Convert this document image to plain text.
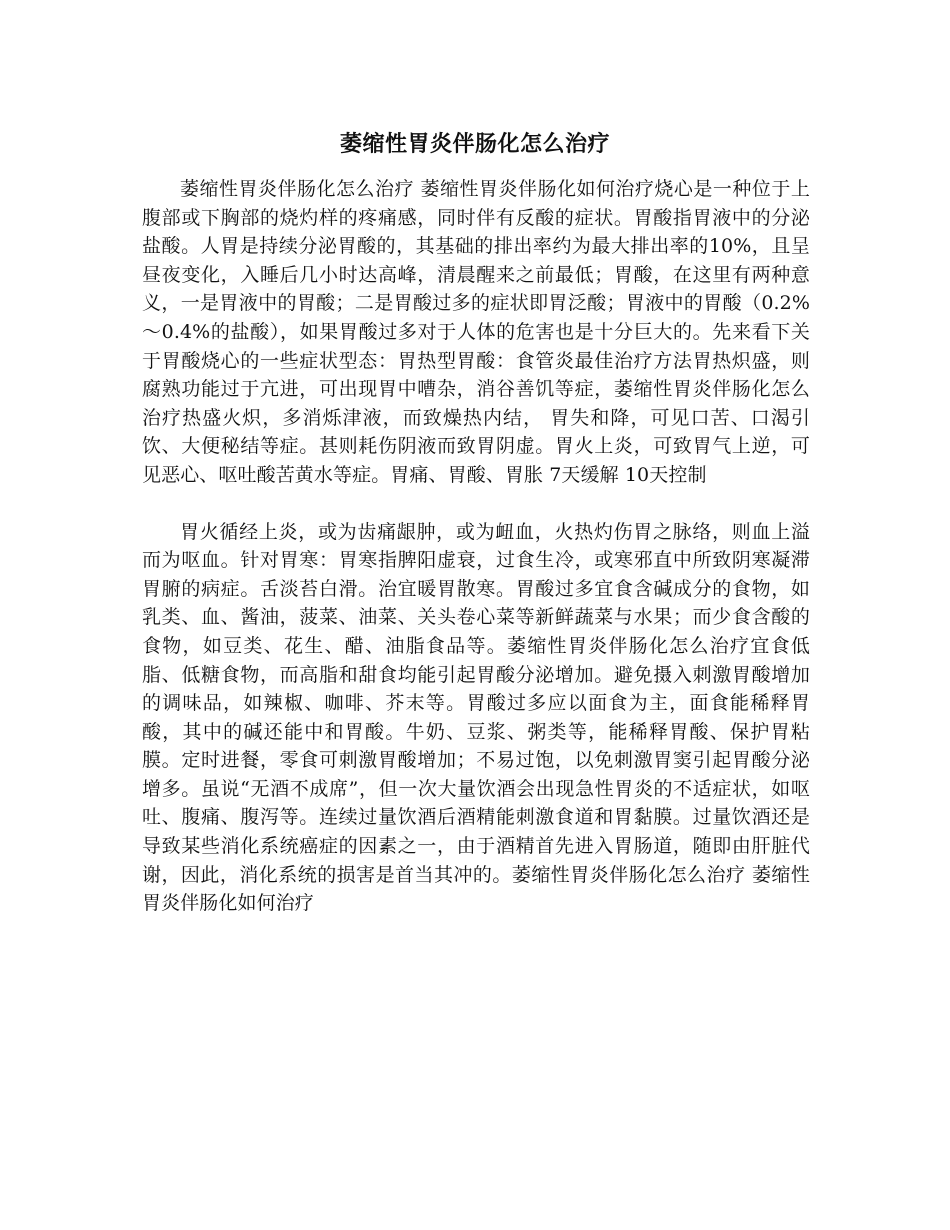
萎缩性胃炎伴肠化怎么治疗

萎缩性胃炎伴肠化怎么治疗 萎缩性胃炎伴肠化如何治疗烧心是一种位于上腹部或下胸部的烧灼样的疼痛感，同时伴有反酸的症状。胃酸指胃液中的分泌盐酸。人胃是持续分泌胃酸的，其基础的排出率约为最大排出率的10%，且呈昼夜变化，入睡后几小时达高峰，清晨醒来之前最低；胃酸，在这里有两种意义，一是胃液中的胃酸；二是胃酸过多的症状即胃泛酸；胃液中的胃酸（0.2%～0.4%的盐酸），如果胃酸过多对于人体的危害也是十分巨大的。先来看下关于胃酸烧心的一些症状型态：胃热型胃酸：食管炎最佳治疗方法胃热炽盛，则腐熟功能过于亢进，可出现胃中嘈杂，消谷善饥等症，萎缩性胃炎伴肠化怎么治疗热盛火炽，多消烁津液，而致燥热内结， 胃失和降，可见口苦、口渴引饮、大便秘结等症。甚则耗伤阴液而致胃阴虚。胃火上炎，可致胃气上逆，可见恶心、呕吐酸苦黄水等症。胃痛、胃酸、胃胀 7天缓解 10天控制

胃火循经上炎，或为齿痛龈肿，或为衄血，火热灼伤胃之脉络，则血上溢而为呕血。针对胃寒：胃寒指脾阳虚衰，过食生冷，或寒邪直中所致阴寒凝滞胃腑的病症。舌淡苔白滑。治宜暖胃散寒。胃酸过多宜食含碱成分的食物，如乳类、血、酱油，菠菜、油菜、关头卷心菜等新鲜蔬菜与水果；而少食含酸的食物，如豆类、花生、醋、油脂食品等。萎缩性胃炎伴肠化怎么治疗宜食低脂、低糖食物，而高脂和甜食均能引起胃酸分泌增加。避免摄入刺激胃酸增加的调味品，如辣椒、咖啡、芥末等。胃酸过多应以面食为主，面食能稀释胃酸，其中的碱还能中和胃酸。牛奶、豆浆、粥类等，能稀释胃酸、保护胃粘膜。定时进餐，零食可刺激胃酸增加；不易过饱，以免刺激胃窦引起胃酸分泌增多。虽说“无酒不成席”，但一次大量饮酒会出现急性胃炎的不适症状，如呕吐、腹痛、腹泻等。连续过量饮酒后酒精能刺激食道和胃黏膜。过量饮酒还是导致某些消化系统癌症的因素之一，由于酒精首先进入胃肠道，随即由肝脏代谢，因此，消化系统的损害是首当其冲的。萎缩性胃炎伴肠化怎么治疗 萎缩性胃炎伴肠化如何治疗
